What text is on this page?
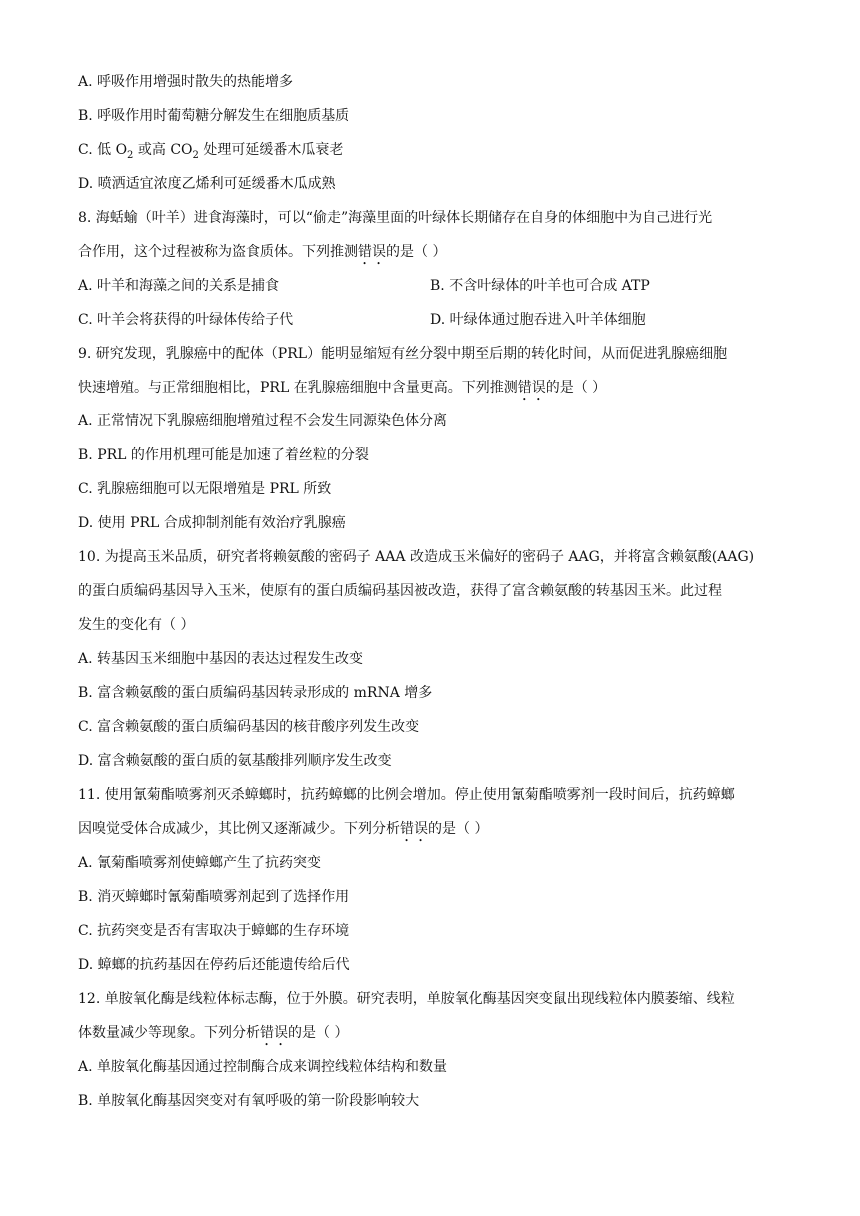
A. 呼吸作用增强时散失的热能增多
B. 呼吸作用时葡萄糖分解发生在细胞质基质
C. 低 $O_2$ 或高 $CO_2$ 处理可延缓番木瓜衰老
D. 喷洒适宜浓度乙烯利可延缓番木瓜成熟
8. 海蛞蝓（叶羊）进食海藻时，可以“偷走”海藻里面的叶绿体长期储存在自身的体细胞中为自己进行光
合作用，这个过程被称为盗食质体。下列推测错误的是（ ）
A. 叶羊和海藻之间的关系是捕食	B. 不含叶绿体的叶羊也可合成 ATP
C. 叶羊会将获得的叶绿体传给子代	D. 叶绿体通过胞吞进入叶羊体细胞
9. 研究发现，乳腺癌中的配体（PRL）能明显缩短有丝分裂中期至后期的转化时间，从而促进乳腺癌细胞
快速增殖。与正常细胞相比，PRL 在乳腺癌细胞中含量更高。下列推测错误的是（ ）
A. 正常情况下乳腺癌细胞增殖过程不会发生同源染色体分离
B. PRL 的作用机理可能是加速了着丝粒的分裂
C. 乳腺癌细胞可以无限增殖是 PRL 所致
D. 使用 PRL 合成抑制剂能有效治疗乳腺癌
10. 为提高玉米品质，研究者将赖氨酸的密码子 AAA 改造成玉米偏好的密码子 AAG，并将富含赖氨酸(AAG)
的蛋白质编码基因导入玉米，使原有的蛋白质编码基因被改造，获得了富含赖氨酸的转基因玉米。此过程
发生的变化有（ ）
A. 转基因玉米细胞中基因的表达过程发生改变
B. 富含赖氨酸的蛋白质编码基因转录形成的 mRNA 增多
C. 富含赖氨酸的蛋白质编码基因的核苷酸序列发生改变
D. 富含赖氨酸的蛋白质的氨基酸排列顺序发生改变
11. 使用氰菊酯喷雾剂灭杀蟑螂时，抗药蟑螂的比例会增加。停止使用氰菊酯喷雾剂一段时间后，抗药蟑螂
因嗅觉受体合成减少，其比例又逐渐减少。下列分析错误的是（ ）
A. 氰菊酯喷雾剂使蟑螂产生了抗药突变
B. 消灭蟑螂时氰菊酯喷雾剂起到了选择作用
C. 抗药突变是否有害取决于蟑螂的生存环境
D. 蟑螂的抗药基因在停药后还能遗传给后代
12. 单胺氧化酶是线粒体标志酶，位于外膜。研究表明，单胺氧化酶基因突变鼠出现线粒体内膜萎缩、线粒
体数量减少等现象。下列分析错误的是（ ）
A. 单胺氧化酶基因通过控制酶合成来调控线粒体结构和数量
B. 单胺氧化酶基因突变对有氧呼吸的第一阶段影响较大
